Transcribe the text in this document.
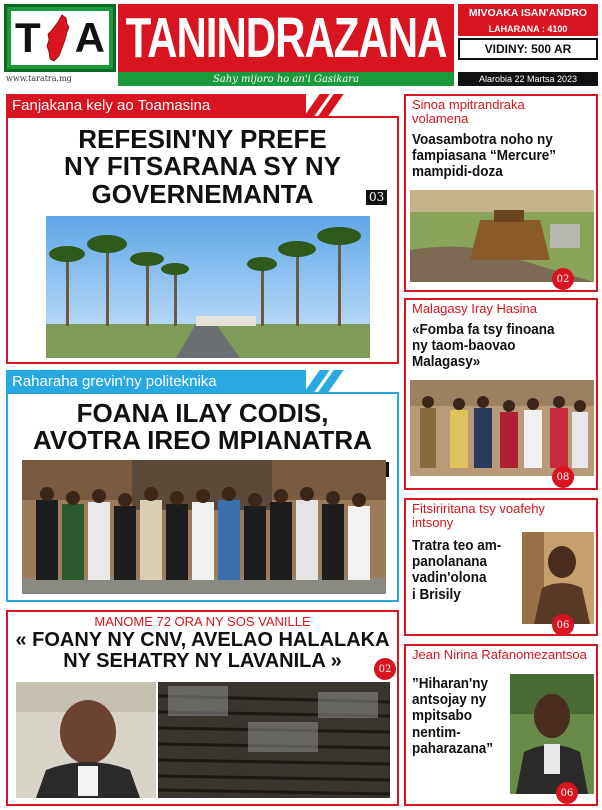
T A
www.taratra.mg
TANINDRAZANA
Sahy mijoro ho an'i Gasikara
MIVOAKA ISAN'ANDRO
LAHARANA : 4100
VIDINY: 500 AR
Alarobia 22 Martsa 2023
Fanjakana kely ao Toamasina
REFESIN'NY PREFE
NY FITSARANA SY NY
GOVERNEMANTA	03
Raharaha grevin'ny politeknika
FOANA ILAY CODIS,
AVOTRA IREO MPIANATRA
MANOME 72 ORA NY SOS VANILLE
« FOANY NY CNV, AVELAO HALALAKA
NY SEHATRY NY LAVANILA »	02
Sinoa mpitrandraka
volamena
Voasambotra noho ny
fampiasana “Mercure”
mampidi-doza
02
Malagasy Iray Hasina
«Fomba fa tsy finoana
ny taom-baovao
Malagasy»
08
Fitsiriritana tsy voafehy
intsony
Tratra teo am-
panolanana
vadin'olona
i Brisily
06
Jean Nirina Rafanomezantsoa
”Hiharan'ny
antsojay ny
mpitsabo
nentim-
paharazana”
06
